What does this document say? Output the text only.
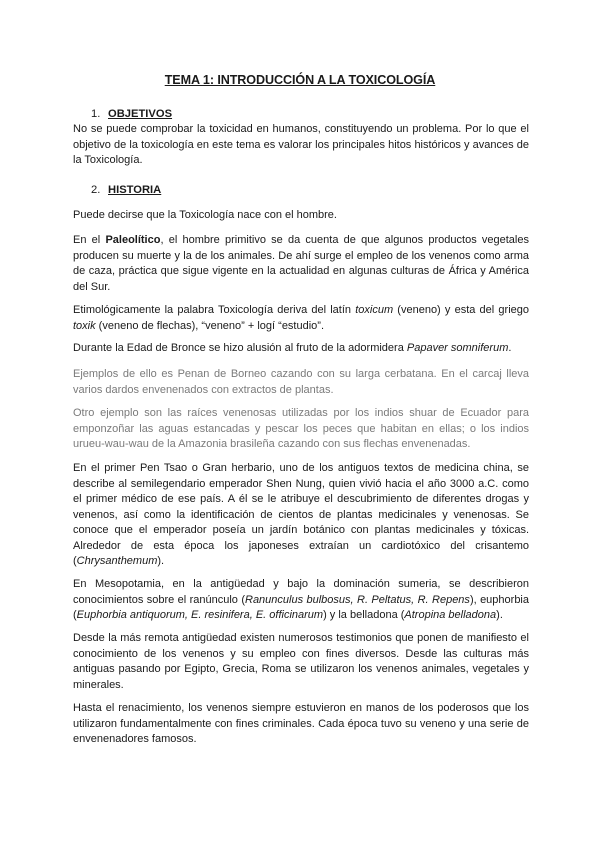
TEMA 1: INTRODUCCIÓN A LA TOXICOLOGÍA
1. OBJETIVOS

No se puede comprobar la toxicidad en humanos, constituyendo un problema. Por lo que el objetivo de la toxicología en este tema es valorar los principales hitos históricos y avances de la Toxicología.

2. HISTORIA

Puede decirse que la Toxicología nace con el hombre.

En el Paleolítico, el hombre primitivo se da cuenta de que algunos productos vegetales producen su muerte y la de los animales. De ahí surge el empleo de los venenos como arma de caza, práctica que sigue vigente en la actualidad en algunas culturas de África y América del Sur.

Etimológicamente la palabra Toxicología deriva del latín toxicum (veneno) y esta del griego toxik (veneno de flechas), “veneno” + logí “estudio”.

Durante la Edad de Bronce se hizo alusión al fruto de la adormidera Papaver somniferum.

Ejemplos de ello es Penan de Borneo cazando con su larga cerbatana. En el carcaj lleva varios dardos envenenados con extractos de plantas.

Otro ejemplo son las raíces venenosas utilizadas por los indios shuar de Ecuador para emponzoñar las aguas estancadas y pescar los peces que habitan en ellas; o los indios urueu-wau-wau de la Amazonia brasileña cazando con sus flechas envenenadas.

En el primer Pen Tsao o Gran herbario, uno de los antiguos textos de medicina china, se describe al semilegendario emperador Shen Nung, quien vivió hacia el año 3000 a.C. como el primer médico de ese país. A él se le atribuye el descubrimiento de diferentes drogas y venenos, así como la identificación de cientos de plantas medicinales y venenosas. Se conoce que el emperador poseía un jardín botánico con plantas medicinales y tóxicas. Alrededor de esta época los japoneses extraían un cardiotóxico del crisantemo (Chrysanthemum).

En Mesopotamia, en la antigüedad y bajo la dominación sumeria, se describieron conocimientos sobre el ranúnculo (Ranunculus bulbosus, R. Peltatus, R. Repens), euphorbia (Euphorbia antiquorum, E. resinifera, E. officinarum) y la belladona (Atropina belladona).

Desde la más remota antigüedad existen numerosos testimonios que ponen de manifiesto el conocimiento de los venenos y su empleo con fines diversos. Desde las culturas más antiguas pasando por Egipto, Grecia, Roma se utilizaron los venenos animales, vegetales y minerales.

Hasta el renacimiento, los venenos siempre estuvieron en manos de los poderosos que los utilizaron fundamentalmente con fines criminales. Cada época tuvo su veneno y una serie de envenenadores famosos.
